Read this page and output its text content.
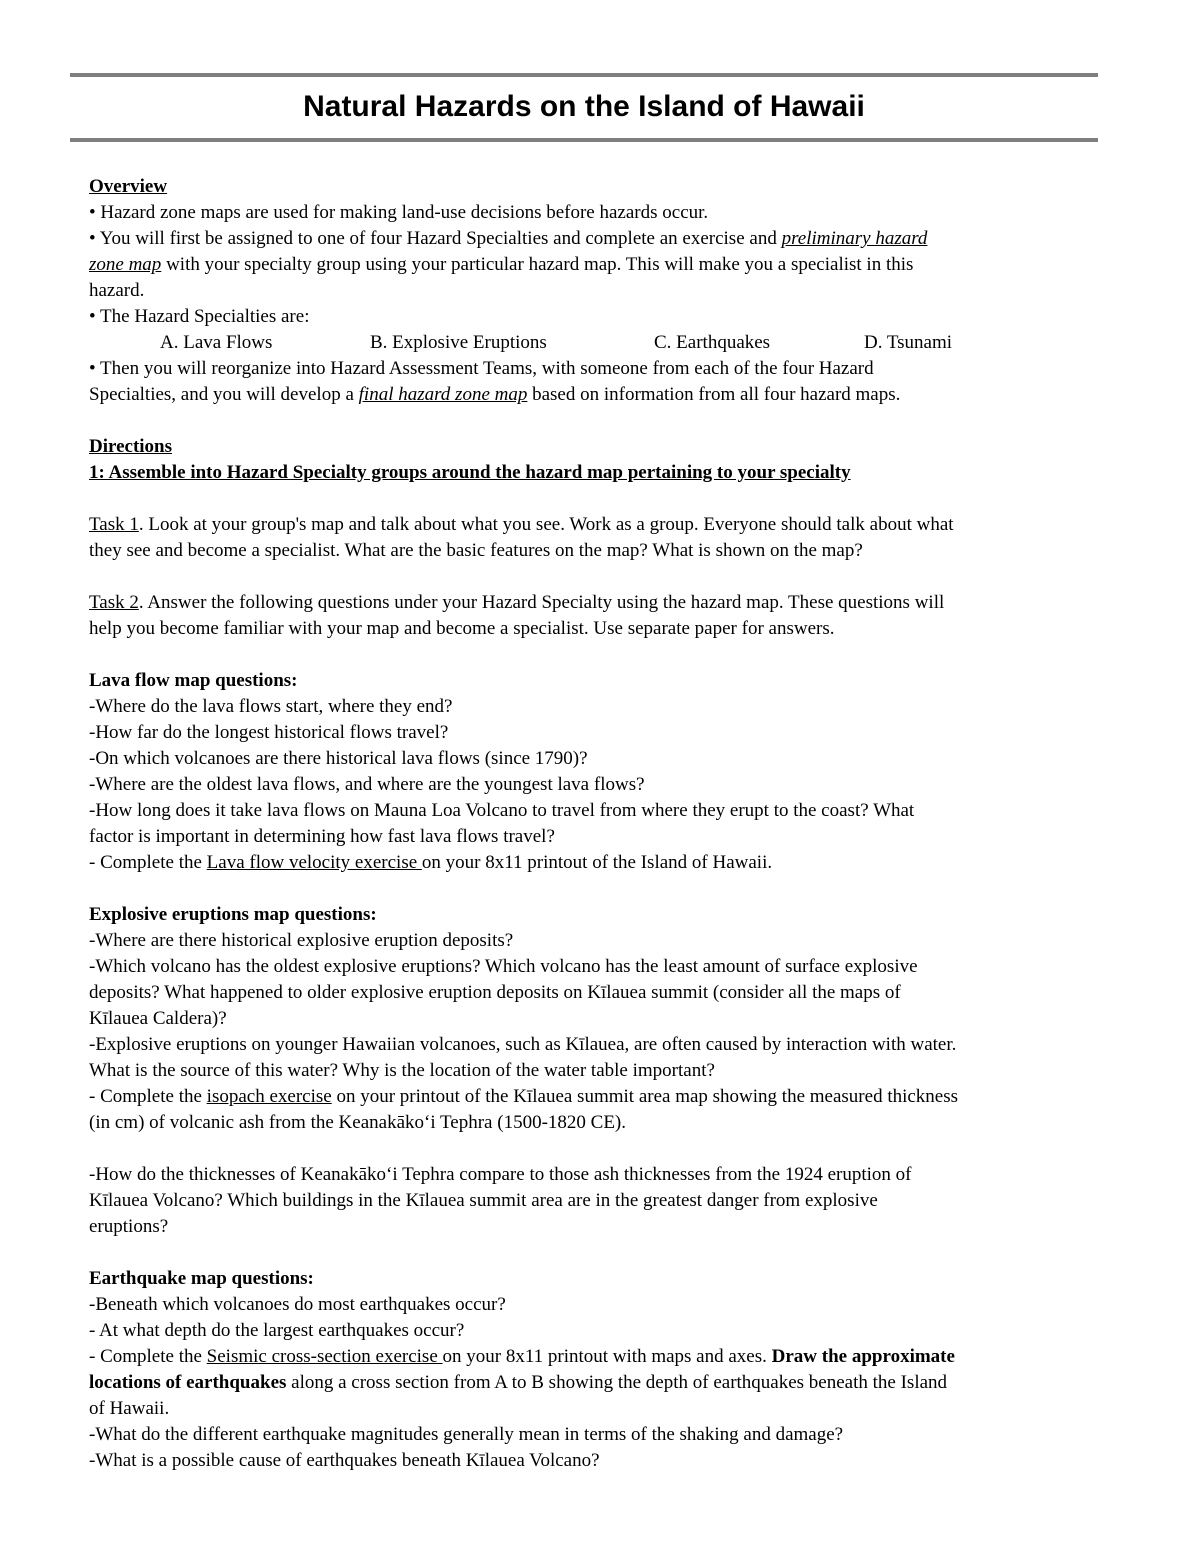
Natural Hazards on the Island of Hawaii
Overview
• Hazard zone maps are used for making land-use decisions before hazards occur.
• You will first be assigned to one of four Hazard Specialties and complete an exercise and preliminary hazard
zone map with your specialty group using your particular hazard map. This will make you a specialist in this
hazard.
• The Hazard Specialties are:
A. Lava Flows	B. Explosive Eruptions	C. Earthquakes	D. Tsunami
• Then you will reorganize into Hazard Assessment Teams, with someone from each of the four Hazard
Specialties, and you will develop a final hazard zone map based on information from all four hazard maps.
Directions
1: Assemble into Hazard Specialty groups around the hazard map pertaining to your specialty
Task 1. Look at your group's map and talk about what you see. Work as a group. Everyone should talk about what
they see and become a specialist. What are the basic features on the map? What is shown on the map?
Task 2. Answer the following questions under your Hazard Specialty using the hazard map. These questions will
help you become familiar with your map and become a specialist. Use separate paper for answers.
Lava flow map questions:
-Where do the lava flows start, where they end?
-How far do the longest historical flows travel?
-On which volcanoes are there historical lava flows (since 1790)?
-Where are the oldest lava flows, and where are the youngest lava flows?
-How long does it take lava flows on Mauna Loa Volcano to travel from where they erupt to the coast? What
factor is important in determining how fast lava flows travel?
- Complete the Lava flow velocity exercise on your 8x11 printout of the Island of Hawaii.
Explosive eruptions map questions:
-Where are there historical explosive eruption deposits?
-Which volcano has the oldest explosive eruptions? Which volcano has the least amount of surface explosive
deposits? What happened to older explosive eruption deposits on Kīlauea summit (consider all the maps of
Kīlauea Caldera)?
-Explosive eruptions on younger Hawaiian volcanoes, such as Kīlauea, are often caused by interaction with water.
What is the source of this water? Why is the location of the water table important?
- Complete the isopach exercise on your printout of the Kīlauea summit area map showing the measured thickness
(in cm) of volcanic ash from the Keanakāko‘i Tephra (1500-1820 CE).
-How do the thicknesses of Keanakāko‘i Tephra compare to those ash thicknesses from the 1924 eruption of
Kīlauea Volcano? Which buildings in the Kīlauea summit area are in the greatest danger from explosive
eruptions?
Earthquake map questions:
-Beneath which volcanoes do most earthquakes occur?
- At what depth do the largest earthquakes occur?
- Complete the Seismic cross-section exercise on your 8x11 printout with maps and axes. Draw the approximate
locations of earthquakes along a cross section from A to B showing the depth of earthquakes beneath the Island
of Hawaii.
-What do the different earthquake magnitudes generally mean in terms of the shaking and damage?
-What is a possible cause of earthquakes beneath Kīlauea Volcano?
